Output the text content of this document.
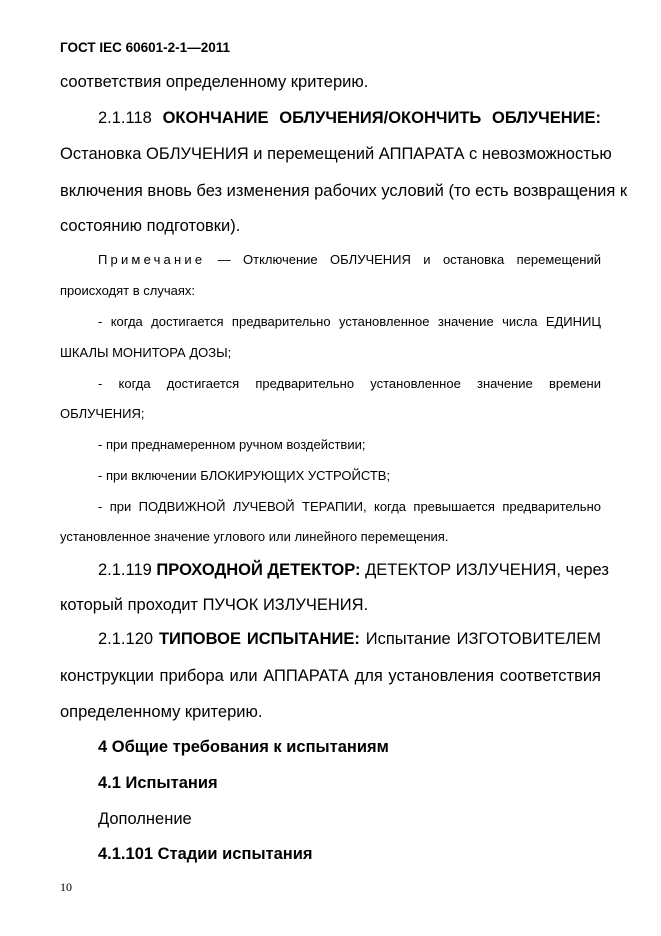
ГОСТ IEC 60601-2-1—2011
соответствия определенному критерию.
2.1.118 ОКОНЧАНИЕ ОБЛУЧЕНИЯ/ОКОНЧИТЬ ОБЛУЧЕНИЕ:
Остановка ОБЛУЧЕНИЯ и перемещений АППАРАТА с невозможностью
включения вновь без изменения рабочих условий (то есть возвращения к
состоянию подготовки).
Примечание — Отключение ОБЛУЧЕНИЯ и остановка перемещений
происходят в случаях:
- когда достигается предварительно установленное значение числа ЕДИНИЦ
ШКАЛЫ МОНИТОРА ДОЗЫ;
- когда достигается предварительно установленное значение времени
ОБЛУЧЕНИЯ;
- при преднамеренном ручном воздействии;
- при включении БЛОКИРУЮЩИХ УСТРОЙСТВ;
- при ПОДВИЖНОЙ ЛУЧЕВОЙ ТЕРАПИИ, когда превышается предварительно
установленное значение углового или линейного перемещения.
2.1.119 ПРОХОДНОЙ ДЕТЕКТОР: ДЕТЕКТОР ИЗЛУЧЕНИЯ, через
который проходит ПУЧОК ИЗЛУЧЕНИЯ.
2.1.120 ТИПОВОЕ ИСПЫТАНИЕ: Испытание ИЗГОТОВИТЕЛЕМ
конструкции прибора или АППАРАТА для установления соответствия
определенному критерию.
4 Общие требования к испытаниям
4.1 Испытания
Дополнение
4.1.101 Стадии испытания
10
